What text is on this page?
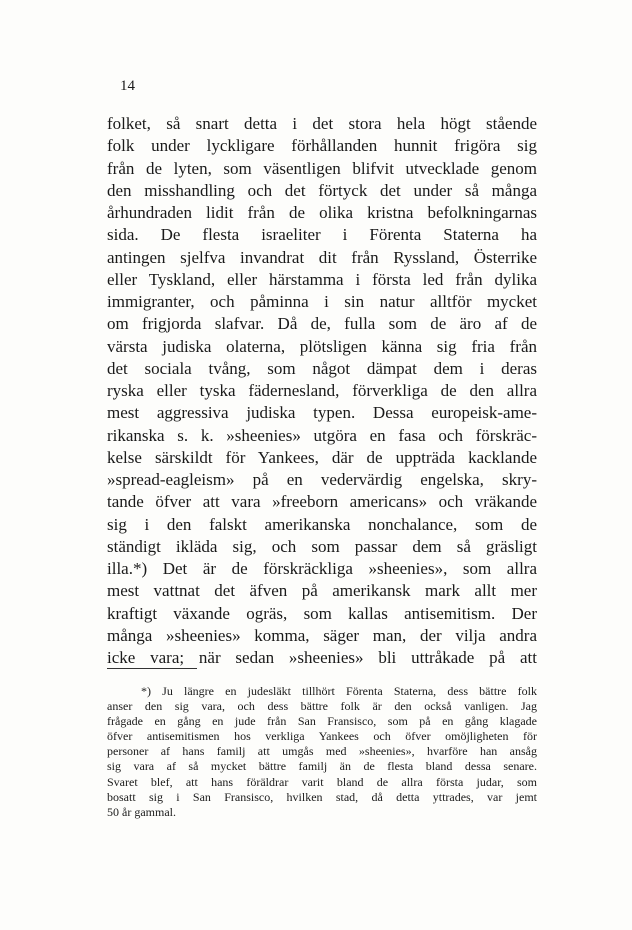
14
folket, så snart detta i det stora hela högt stående
folk under lyckligare förhållanden hunnit frigöra sig
från de lyten, som väsentligen blifvit utvecklade genom
den misshandling och det förtyck det under så många
århundraden lidit från de olika kristna befolkningarnas
sida. De flesta israeliter i Förenta Staterna ha
antingen sjelfva invandrat dit från Ryssland, Österrike
eller Tyskland, eller härstamma i första led från dylika
immigranter, och påminna i sin natur alltför mycket
om frigjorda slafvar. Då de, fulla som de äro af de
värsta judiska olaterna, plötsligen känna sig fria från
det sociala tvång, som något dämpat dem i deras
ryska eller tyska fädernesland, förverkliga de den allra
mest aggressiva judiska typen. Dessa europeisk-ame-
rikanska s. k. »sheenies» utgöra en fasa och förskräc-
kelse särskildt för Yankees, där de uppträda kacklande
»spread-eagleism» på en vedervärdig engelska, skry-
tande öfver att vara »freeborn americans» och vräkande
sig i den falskt amerikanska nonchalance, som de
ständigt ikläda sig, och som passar dem så gräsligt
illa.*) Det är de förskräckliga »sheenies», som allra
mest vattnat det äfven på amerikansk mark allt mer
kraftigt växande ogräs, som kallas antisemitism. Der
många »sheenies» komma, säger man, der vilja andra
icke vara; när sedan »sheenies» bli uttråkade på att
*) Ju längre en judesläkt tillhört Förenta Staterna, dess bättre folk
anser den sig vara, och dess bättre folk är den också vanligen. Jag
frågade en gång en jude från San Fransisco, som på en gång klagade
öfver antisemitismen hos verkliga Yankees och öfver omöjligheten för
personer af hans familj att umgås med »sheenies», hvarföre han ansåg
sig vara af så mycket bättre familj än de flesta bland dessa senare.
Svaret blef, att hans föräldrar varit bland de allra första judar, som
bosatt sig i San Fransisco, hvilken stad, då detta yttrades, var jemt
50 år gammal.
